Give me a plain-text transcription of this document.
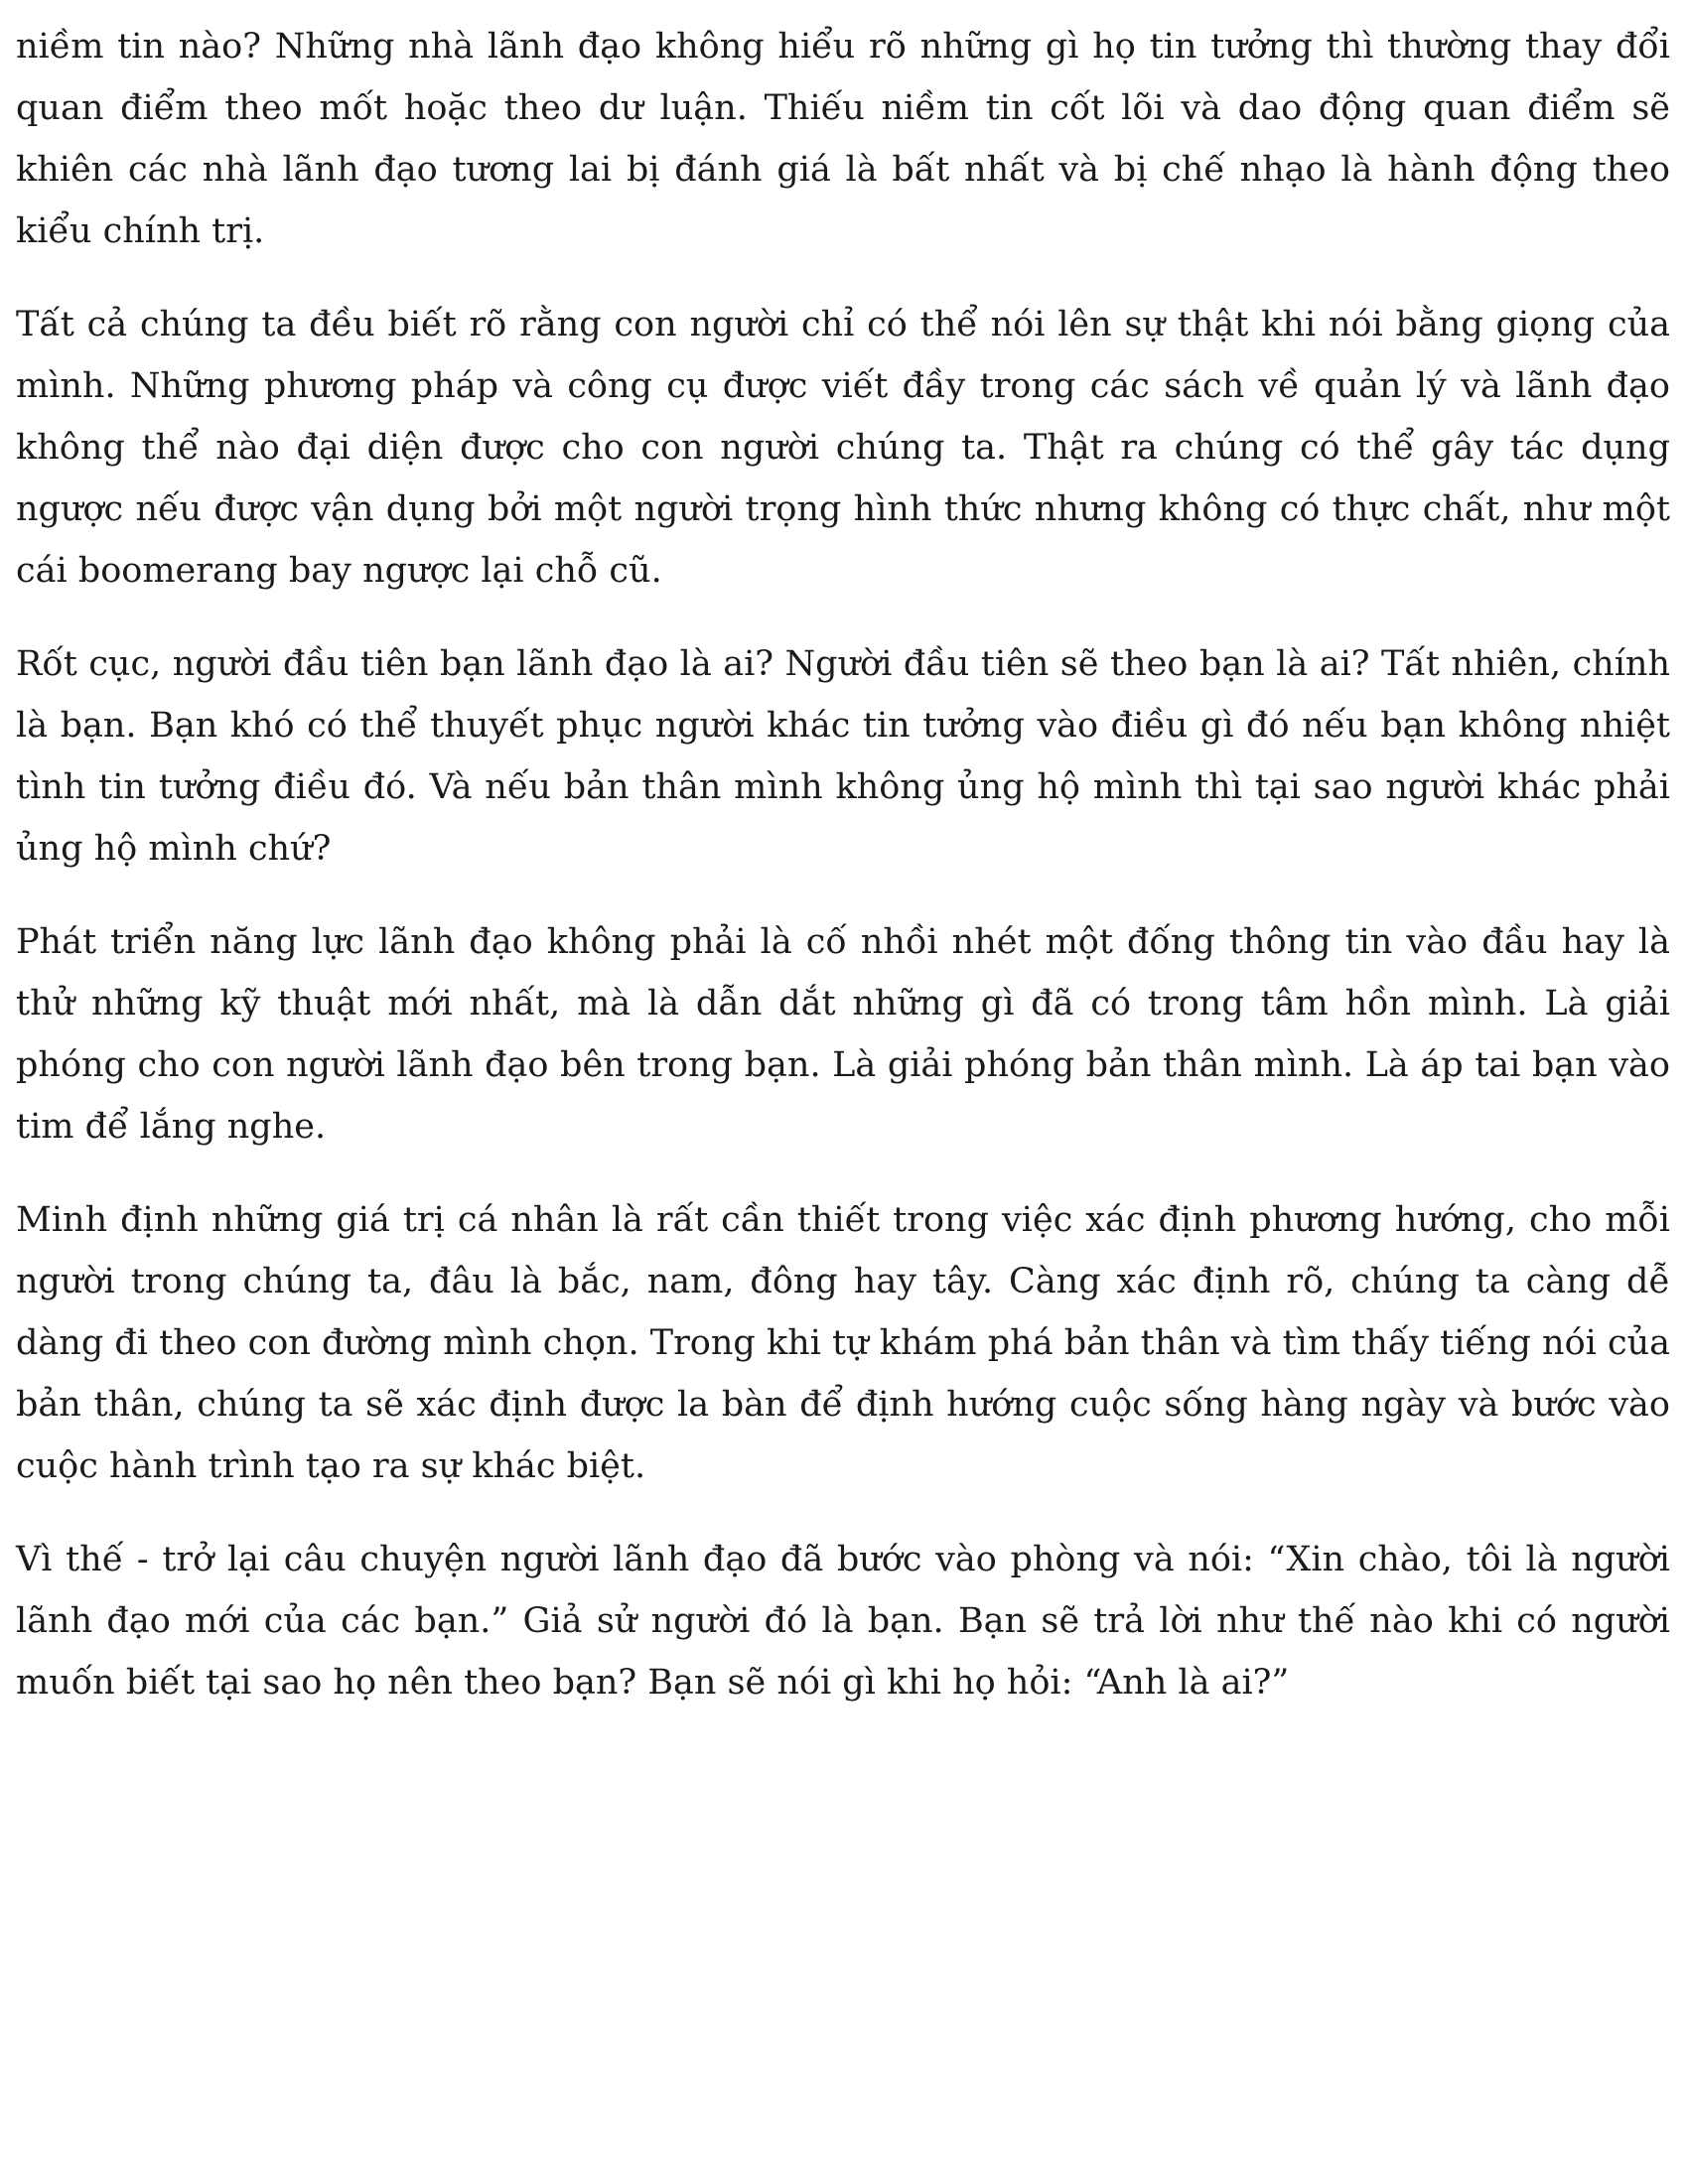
niềm tin nào? Những nhà lãnh đạo không hiểu rõ những gì họ tin tưởng thì thường thay đổi quan điểm theo mốt hoặc theo dư luận. Thiếu niềm tin cốt lõi và dao động quan điểm sẽ khiên các nhà lãnh đạo tương lai bị đánh giá là bất nhất và bị chế nhạo là hành động theo kiểu chính trị.

Tất cả chúng ta đều biết rõ rằng con người chỉ có thể nói lên sự thật khi nói bằng giọng của mình. Những phương pháp và công cụ được viết đầy trong các sách về quản lý và lãnh đạo không thể nào đại diện được cho con người chúng ta. Thật ra chúng có thể gây tác dụng ngược nếu được vận dụng bởi một người trọng hình thức nhưng không có thực chất, như một cái boomerang bay ngược lại chỗ cũ.

Rốt cục, người đầu tiên bạn lãnh đạo là ai? Người đầu tiên sẽ theo bạn là ai? Tất nhiên, chính là bạn. Bạn khó có thể thuyết phục người khác tin tưởng vào điều gì đó nếu bạn không nhiệt tình tin tưởng điều đó. Và nếu bản thân mình không ủng hộ mình thì tại sao người khác phải ủng hộ mình chứ?

Phát triển năng lực lãnh đạo không phải là cố nhồi nhét một đống thông tin vào đầu hay là thử những kỹ thuật mới nhất, mà là dẫn dắt những gì đã có trong tâm hồn mình. Là giải phóng cho con người lãnh đạo bên trong bạn. Là giải phóng bản thân mình. Là áp tai bạn vào tim để lắng nghe.

Minh định những giá trị cá nhân là rất cần thiết trong việc xác định phương hướng, cho mỗi người trong chúng ta, đâu là bắc, nam, đông hay tây. Càng xác định rõ, chúng ta càng dễ dàng đi theo con đường mình chọn. Trong khi tự khám phá bản thân và tìm thấy tiếng nói của bản thân, chúng ta sẽ xác định được la bàn để định hướng cuộc sống hàng ngày và bước vào cuộc hành trình tạo ra sự khác biệt.

Vì thế - trở lại câu chuyện người lãnh đạo đã bước vào phòng và nói: “Xin chào, tôi là người lãnh đạo mới của các bạn.” Giả sử người đó là bạn. Bạn sẽ trả lời như thế nào khi có người muốn biết tại sao họ nên theo bạn? Bạn sẽ nói gì khi họ hỏi: “Anh là ai?”
